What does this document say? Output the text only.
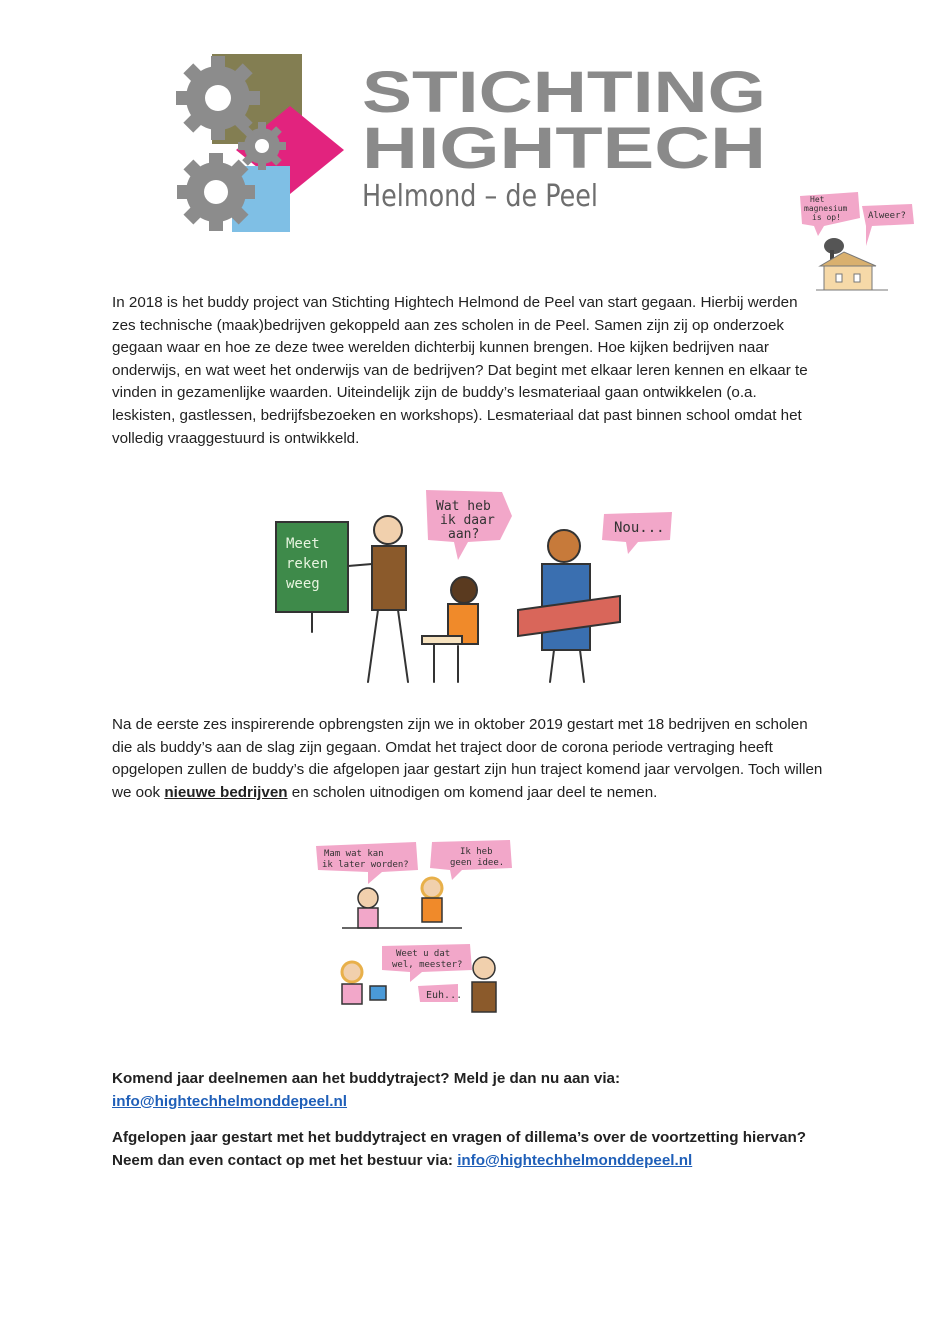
STICHTING
HIGHTECH
Helmond – de Peel	Het
magnesium
is op!	Alweer?

In 2018 is het buddy project van Stichting Hightech Helmond de Peel van start gegaan. Hierbij werden zes technische (maak)bedrijven gekoppeld aan zes scholen in de Peel. Samen zijn zij op onderzoek gegaan waar en hoe ze deze twee werelden dichterbij kunnen brengen. Hoe kijken bedrijven naar onderwijs, en wat weet het onderwijs van de bedrijven? Dat begint met elkaar leren kennen en elkaar te vinden in gezamenlijke waarden. Uiteindelijk zijn de buddy’s lesmateriaal gaan ontwikkelen (o.a. leskisten, gastlessen, bedrijfsbezoeken en workshops). Lesmateriaal dat past binnen school omdat het volledig vraaggestuurd is ontwikkeld.

Meet
reken
weeg
Wat heb
ik daar
aan?	Nou...

Na de eerste zes inspirerende opbrengsten zijn we in oktober 2019 gestart met 18 bedrijven en scholen die als buddy’s aan de slag zijn gegaan. Omdat het traject door de corona periode vertraging heeft opgelopen zullen de buddy’s die afgelopen jaar gestart zijn hun traject komend jaar vervolgen. Toch willen we ook nieuwe bedrijven en scholen uitnodigen om komend jaar deel te nemen.

Mam wat kan
ik later worden?
Ik heb
geen idee.
Weet u dat
wel, meester?
Euh...

Komend jaar deelnemen aan het buddytraject? Meld je dan nu aan via:
info@hightechhelmonddepeel.nl

Afgelopen jaar gestart met het buddytraject en vragen of dillema’s over de voortzetting hiervan?
Neem dan even contact op met het bestuur via: info@hightechhelmonddepeel.nl
